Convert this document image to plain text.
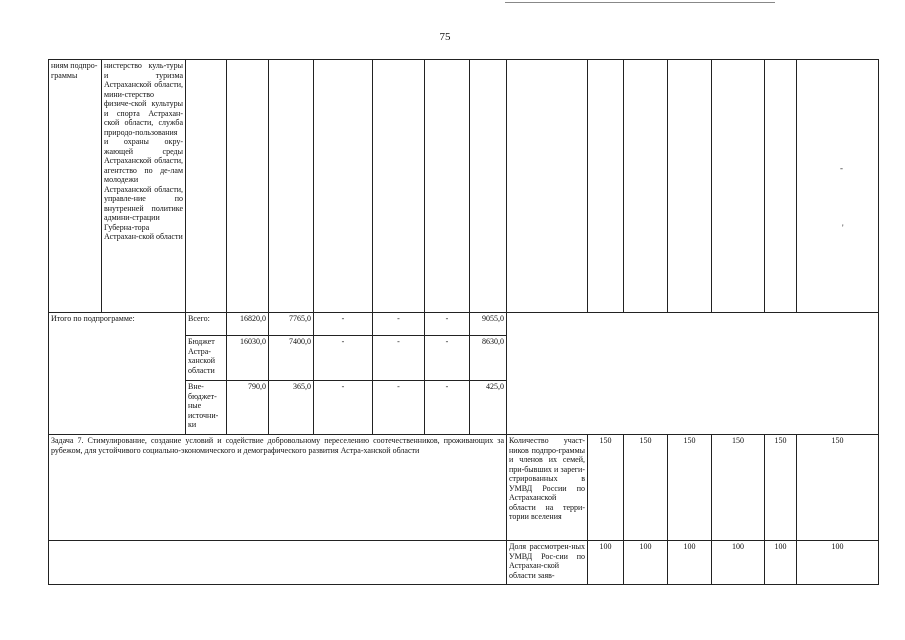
75
ниям подпро-граммы	нистерство куль-туры и туризма Астраханской области, мини-стерство физиче-ской культуры и спорта Астрахан-ской области, служба природо-пользования и охраны окру-жающей среды Астраханской области, агентство по де-лам молодежи Астраханской области, управле-ние по внутренней политике админи-страции Губерна-тора Астрахан-ской области														
Итого по подпрограмме:		Всего:	16820,0	7765,0	-	-	-	9055,0							
		Бюджет Астра-ханской области	16030,0	7400,0	-	-	-	8630,0							
		Вне-бюджет-ные источни-ки	790,0	365,0	-	-	-	425,0							
Задача 7. Стимулирование, создание условий и содействие добровольному переселению соотечественников, проживающих за рубежом, для устойчивого социально-экономического и демографического развития Астра-ханской области									Количество участ-ников подпро-граммы и членов их семей, при-бывших и зареги-стрированных в УМВД России по Астраханской области на терри-тории вселения	150	150	150	150	150	150
									Доля рассмотрен-ных УМВД Рос-сии по Астрахан-ской области заяв-	100	100	100	100	100	100
-
'
